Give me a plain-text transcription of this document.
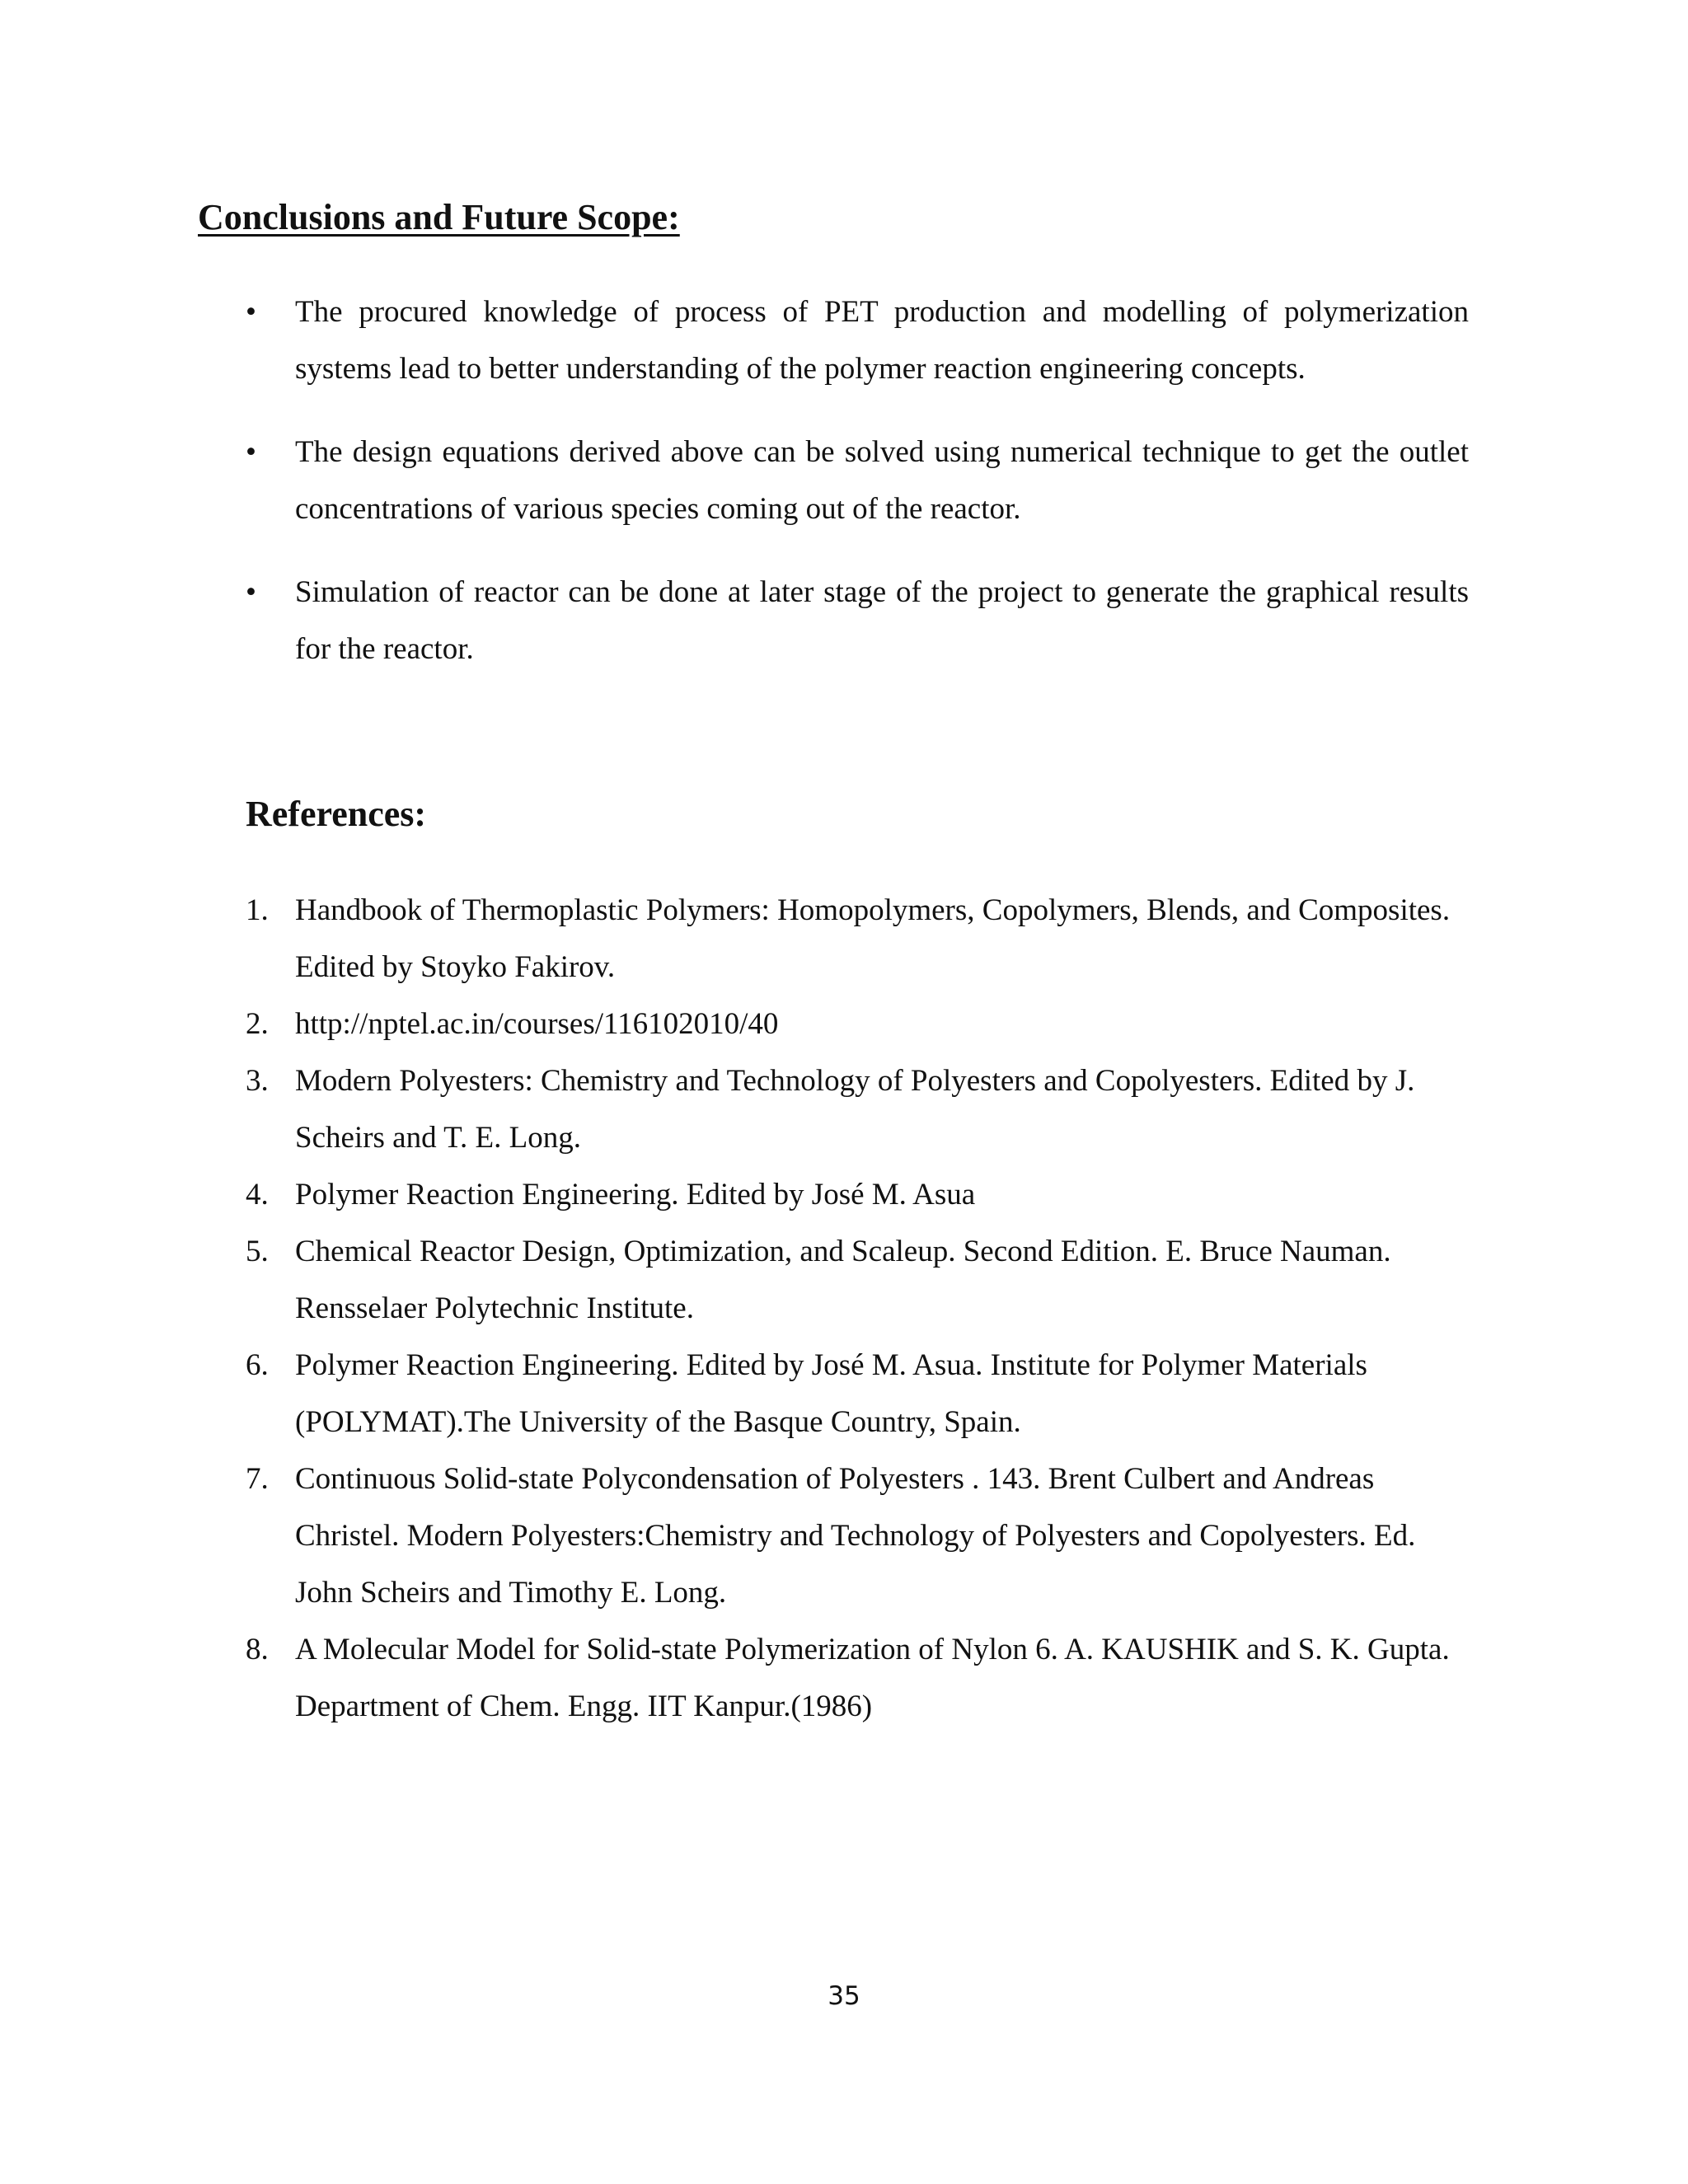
Conclusions and Future Scope:
• The procured knowledge of process of PET production and modelling of polymerization systems lead to better understanding of the polymer reaction engineering concepts.
• The design equations derived above can be solved using numerical technique to get the outlet concentrations of various species coming out of the reactor.
• Simulation of reactor can be done at later stage of the project to generate the graphical results for the reactor.
References:
1. Handbook of Thermoplastic Polymers: Homopolymers, Copolymers, Blends, and Composites. Edited by Stoyko Fakirov.
2. http://nptel.ac.in/courses/116102010/40
3. Modern Polyesters: Chemistry and Technology of Polyesters and Copolyesters. Edited by J. Scheirs and T. E. Long.
4. Polymer Reaction Engineering. Edited by José M. Asua
5. Chemical Reactor Design, Optimization, and Scaleup. Second Edition. E. Bruce Nauman. Rensselaer Polytechnic Institute.
6. Polymer Reaction Engineering. Edited by José M. Asua. Institute for Polymer Materials (POLYMAT).The University of the Basque Country, Spain.
7. Continuous Solid-state Polycondensation of Polyesters . 143. Brent Culbert and Andreas Christel. Modern Polyesters:Chemistry and Technology of Polyesters and Copolyesters. Ed. John Scheirs and Timothy E. Long.
8. A Molecular Model for Solid-state Polymerization of Nylon 6. A. KAUSHIK and S. K. Gupta. Department of Chem. Engg. IIT Kanpur.(1986)
35
